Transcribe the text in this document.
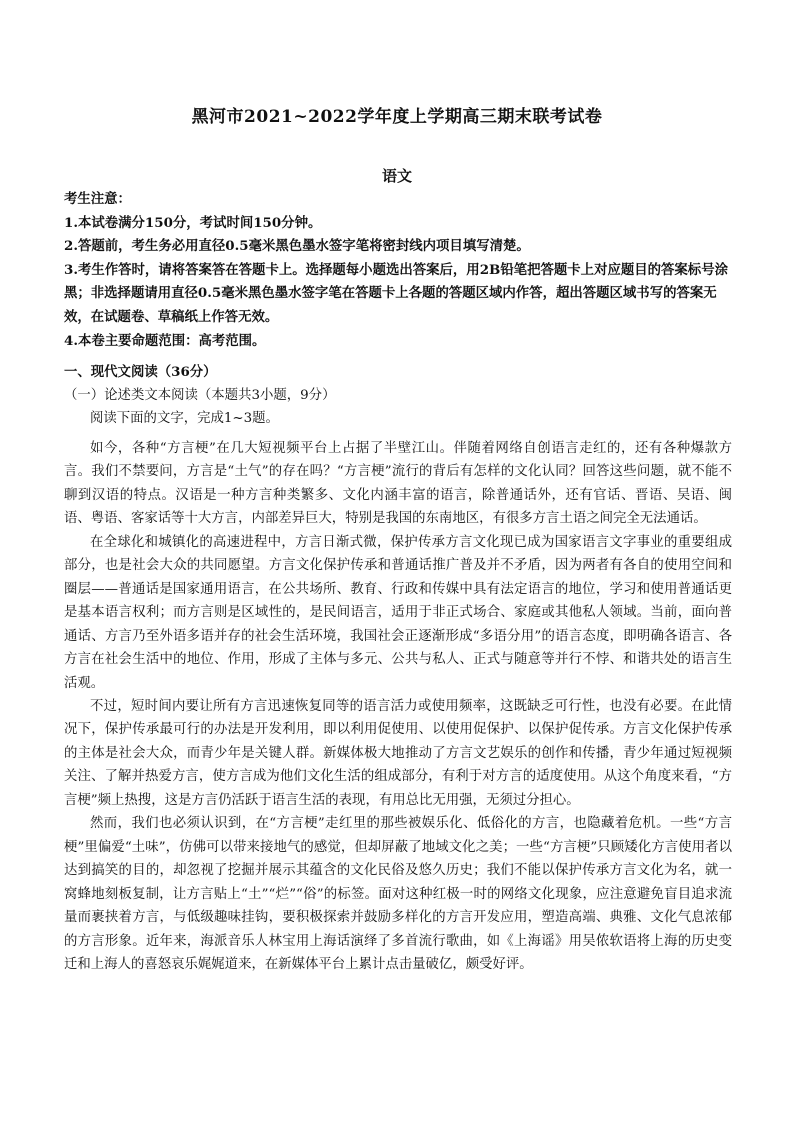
黑河市2021~2022学年度上学期高三期末联考试卷
语文

考生注意：

1.本试卷满分150分，考试时间150分钟。

2.答题前，考生务必用直径0.5毫米黑色墨水签字笔将密封线内项目填写清楚。

3.考生作答时，请将答案答在答题卡上。选择题每小题选出答案后，用2B铅笔把答题卡上对应题目的答案标号涂黑；非选择题请用直径0.5毫米黑色墨水签字笔在答题卡上各题的答题区域内作答，超出答题区域书写的答案无效，在试题卷、草稿纸上作答无效。

4.本卷主要命题范围：高考范围。

一、现代文阅读（36分）

（一）论述类文本阅读（本题共3小题，9分）

阅读下面的文字，完成1~3题。

如今，各种“方言梗”在几大短视频平台上占据了半壁江山。伴随着网络自创语言走红的，还有各种爆款方言。我们不禁要问，方言是“土气”的存在吗？“方言梗”流行的背后有怎样的文化认同？回答这些问题，就不能不聊到汉语的特点。汉语是一种方言种类繁多、文化内涵丰富的语言，除普通话外，还有官话、晋语、吴语、闽语、粤语、客家话等十大方言，内部差异巨大，特别是我国的东南地区，有很多方言土语之间完全无法通话。

在全球化和城镇化的高速进程中，方言日渐式微，保护传承方言文化现已成为国家语言文字事业的重要组成部分，也是社会大众的共同愿望。方言文化保护传承和普通话推广普及并不矛盾，因为两者有各自的使用空间和圈层——普通话是国家通用语言，在公共场所、教育、行政和传媒中具有法定语言的地位，学习和使用普通话更是基本语言权利；而方言则是区域性的，是民间语言，适用于非正式场合、家庭或其他私人领域。当前，面向普通话、方言乃至外语多语并存的社会生活环境，我国社会正逐渐形成“多语分用”的语言态度，即明确各语言、各方言在社会生活中的地位、作用，形成了主体与多元、公共与私人、正式与随意等并行不悖、和谐共处的语言生活观。

不过，短时间内要让所有方言迅速恢复同等的语言活力或使用频率，这既缺乏可行性，也没有必要。在此情况下，保护传承最可行的办法是开发利用，即以利用促使用、以使用促保护、以保护促传承。方言文化保护传承的主体是社会大众，而青少年是关键人群。新媒体极大地推动了方言文艺娱乐的创作和传播，青少年通过短视频关注、了解并热爱方言，使方言成为他们文化生活的组成部分，有利于对方言的适度使用。从这个角度来看，“方言梗”频上热搜，这是方言仍活跃于语言生活的表现，有用总比无用强，无须过分担心。

然而，我们也必须认识到，在“方言梗”走红里的那些被娱乐化、低俗化的方言，也隐藏着危机。一些“方言梗”里偏爱“土味”，仿佛可以带来接地气的感觉，但却屏蔽了地域文化之美；一些“方言梗”只顾矮化方言使用者以达到搞笑的目的，却忽视了挖掘并展示其蕴含的文化民俗及悠久历史；我们不能以保护传承方言文化为名，就一窝蜂地刻板复制，让方言贴上“土”“烂”“俗”的标签。面对这种红极一时的网络文化现象，应注意避免盲目追求流量而裹挟着方言，与低级趣味挂钩，要积极探索并鼓励多样化的方言开发应用，塑造高端、典雅、文化气息浓郁的方言形象。近年来，海派音乐人林宝用上海话演绎了多首流行歌曲，如《上海谣》用吴侬软语将上海的历史变迁和上海人的喜怒哀乐娓娓道来，在新媒体平台上累计点击量破亿，颇受好评。
